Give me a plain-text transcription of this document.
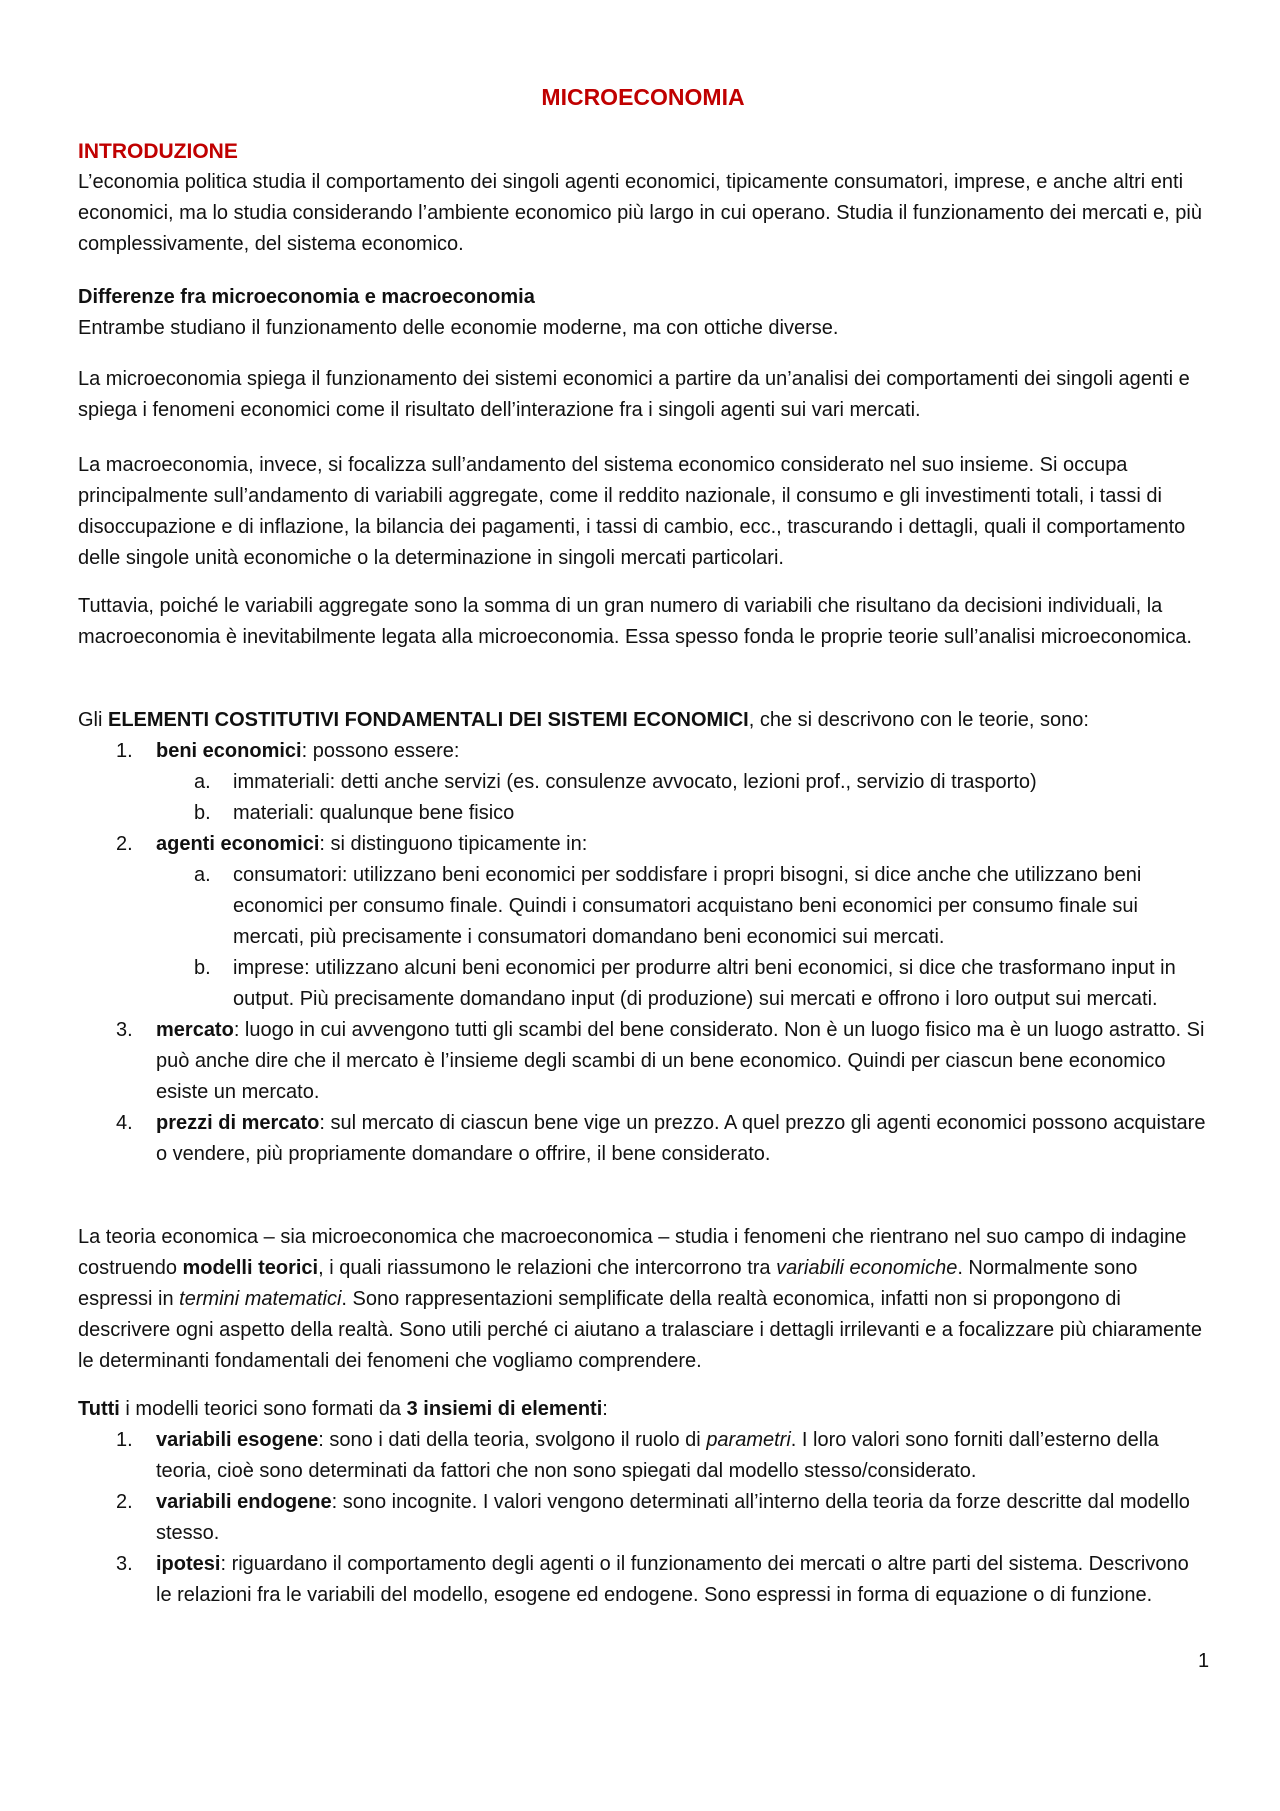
MICROECONOMIA
INTRODUZIONE

L’economia politica studia il comportamento dei singoli agenti economici, tipicamente consumatori, imprese, e anche altri enti economici, ma lo studia considerando l’ambiente economico più largo in cui operano. Studia il funzionamento dei mercati e, più complessivamente, del sistema economico.

Differenze fra microeconomia e macroeconomia

Entrambe studiano il funzionamento delle economie moderne, ma con ottiche diverse.

La microeconomia spiega il funzionamento dei sistemi economici a partire da un’analisi dei comportamenti dei singoli agenti e spiega i fenomeni economici come il risultato dell’interazione fra i singoli agenti sui vari mercati.

La macroeconomia, invece, si focalizza sull’andamento del sistema economico considerato nel suo insieme. Si occupa principalmente sull’andamento di variabili aggregate, come il reddito nazionale, il consumo e gli investimenti totali, i tassi di disoccupazione e di inflazione, la bilancia dei pagamenti, i tassi di cambio, ecc., trascurando i dettagli, quali il comportamento delle singole unità economiche o la determinazione in singoli mercati particolari.

Tuttavia, poiché le variabili aggregate sono la somma di un gran numero di variabili che risultano da decisioni individuali, la macroeconomia è inevitabilmente legata alla microeconomia. Essa spesso fonda le proprie teorie sull’analisi microeconomica.

Gli ELEMENTI COSTITUTIVI FONDAMENTALI DEI SISTEMI ECONOMICI, che si descrivono con le teorie, sono:

1. beni economici: possono essere:
a. immateriali: detti anche servizi (es. consulenze avvocato, lezioni prof., servizio di trasporto)
b. materiali: qualunque bene fisico
2. agenti economici: si distinguono tipicamente in:
a. consumatori: utilizzano beni economici per soddisfare i propri bisogni, si dice anche che utilizzano beni economici per consumo finale. Quindi i consumatori acquistano beni economici per consumo finale sui mercati, più precisamente i consumatori domandano beni economici sui mercati.
b. imprese: utilizzano alcuni beni economici per produrre altri beni economici, si dice che trasformano input in output. Più precisamente domandano input (di produzione) sui mercati e offrono i loro output sui mercati.
3. mercato: luogo in cui avvengono tutti gli scambi del bene considerato. Non è un luogo fisico ma è un luogo astratto. Si può anche dire che il mercato è l’insieme degli scambi di un bene economico. Quindi per ciascun bene economico esiste un mercato.
4. prezzi di mercato: sul mercato di ciascun bene vige un prezzo. A quel prezzo gli agenti economici possono acquistare o vendere, più propriamente domandare o offrire, il bene considerato.

La teoria economica – sia microeconomica che macroeconomica – studia i fenomeni che rientrano nel suo campo di indagine costruendo modelli teorici, i quali riassumono le relazioni che intercorrono tra variabili economiche. Normalmente sono espressi in termini matematici. Sono rappresentazioni semplificate della realtà economica, infatti non si propongono di descrivere ogni aspetto della realtà. Sono utili perché ci aiutano a tralasciare i dettagli irrilevanti e a focalizzare più chiaramente le determinanti fondamentali dei fenomeni che vogliamo comprendere.

Tutti i modelli teorici sono formati da 3 insiemi di elementi:

1. variabili esogene: sono i dati della teoria, svolgono il ruolo di parametri. I loro valori sono forniti dall’esterno della teoria, cioè sono determinati da fattori che non sono spiegati dal modello stesso/considerato.
2. variabili endogene: sono incognite. I valori vengono determinati all’interno della teoria da forze descritte dal modello stesso.
3. ipotesi: riguardano il comportamento degli agenti o il funzionamento dei mercati o altre parti del sistema. Descrivono le relazioni fra le variabili del modello, esogene ed endogene. Sono espressi in forma di equazione o di funzione.
1
